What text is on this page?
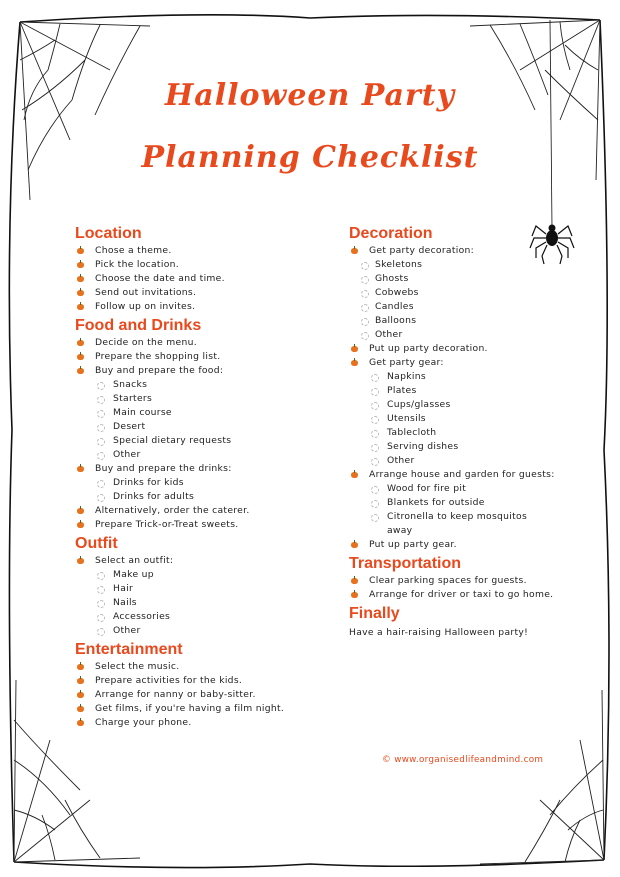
Halloween Party
Planning Checklist
Location
Chose a theme.
Pick the location.
Choose the date and time.
Send out invitations.
Follow up on invites.
Food and Drinks
Decide on the menu.
Prepare the shopping list.
Buy and prepare the food:
Snacks
Starters
Main course
Desert
Special dietary requests
Other
Buy and prepare the drinks:
Drinks for kids
Drinks for adults
Alternatively, order the caterer.
Prepare Trick-or-Treat sweets.
Outfit
Select an outfit:
Make up
Hair
Nails
Accessories
Other
Entertainment
Select the music.
Prepare activities for the kids.
Arrange for nanny or baby-sitter.
Get films, if you're having a film night.
Charge your phone.
Decoration
Get party decoration:
Skeletons
Ghosts
Cobwebs
Candles
Balloons
Other
Put up party decoration.
Get party gear:
Napkins
Plates
Cups/glasses
Utensils
Tablecloth
Serving dishes
Other
Arrange house and garden for guests:
Wood for fire pit
Blankets for outside
Citronella to keep mosquitos
away
Put up party gear.
Transportation
Clear parking spaces for guests.
Arrange for driver or taxi to go home.
Finally
Have a hair-raising Halloween party!
© www.organisedlifeandmind.com
